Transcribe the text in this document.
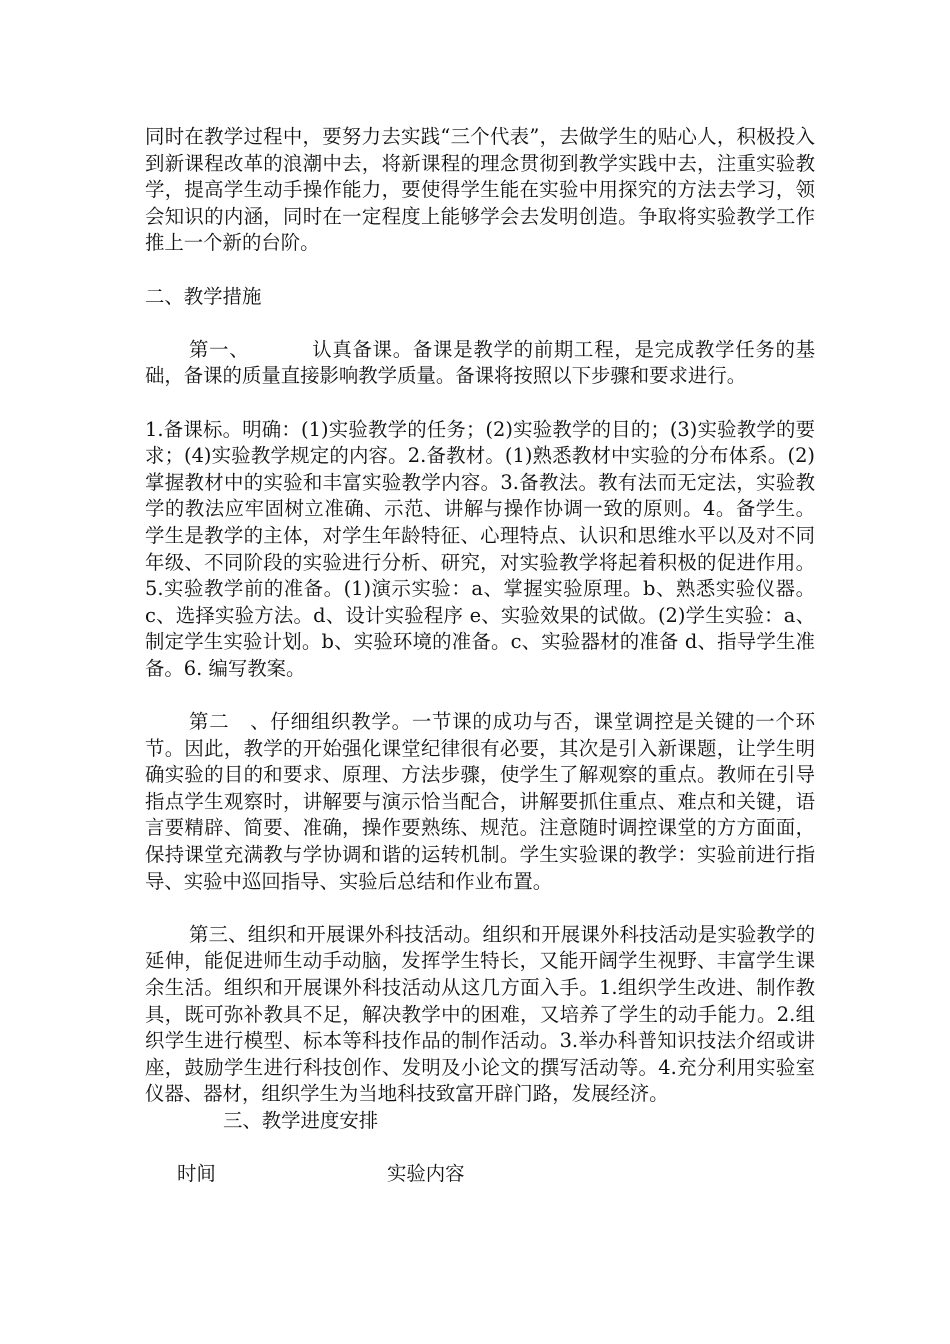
同时在教学过程中，要努力去实践“三个代表”，去做学生的贴心人，积极投入到新课程改革的浪潮中去，将新课程的理念贯彻到教学实践中去，注重实验教学，提高学生动手操作能力，要使得学生能在实验中用探究的方法去学习，领会知识的内涵，同时在一定程度上能够学会去发明创造。争取将实验教学工作推上一个新的台阶。

二、教学措施

第一、	认真备课。备课是教学的前期工程，是完成教学任务的基础，备课的质量直接影响教学质量。备课将按照以下步骤和要求进行。

1.备课标。明确：(1)实验教学的任务；(2)实验教学的目的；(3)实验教学的要求；(4)实验教学规定的内容。2.备教材。(1)熟悉教材中实验的分布体系。(2)掌握教材中的实验和丰富实验教学内容。3.备教法。教有法而无定法，实验教学的教法应牢固树立准确、示范、讲解与操作协调一致的原则。4。备学生。学生是教学的主体，对学生年龄特征、心理特点、认识和思维水平以及对不同年级、不同阶段的实验进行分析、研究，对实验教学将起着积极的促进作用。5.实验教学前的准备。(1)演示实验：a、掌握实验原理。b、熟悉实验仪器。c、选择实验方法。d、设计实验程序 e、实验效果的试做。(2)学生实验：a、制定学生实验计划。b、实验环境的准备。c、实验器材的准备 d、指导学生准备。6. 编写教案。

第二 、仔细组织教学。一节课的成功与否，课堂调控是关键的一个环节。因此，教学的开始强化课堂纪律很有必要，其次是引入新课题，让学生明确实验的目的和要求、原理、方法步骤，使学生了解观察的重点。教师在引导指点学生观察时，讲解要与演示恰当配合，讲解要抓住重点、难点和关键，语言要精辟、简要、准确，操作要熟练、规范。注意随时调控课堂的方方面面，保持课堂充满教与学协调和谐的运转机制。学生实验课的教学：实验前进行指导、实验中巡回指导、实验后总结和作业布置。

第三、组织和开展课外科技活动。组织和开展课外科技活动是实验教学的延伸，能促进师生动手动脑，发挥学生特长，又能开阔学生视野、丰富学生课余生活。组织和开展课外科技活动从这几方面入手。1.组织学生改进、制作教具，既可弥补教具不足，解决教学中的困难，又培养了学生的动手能力。2.组织学生进行模型、标本等科技作品的制作活动。3.举办科普知识技法介绍或讲座，鼓励学生进行科技创作、发明及小论文的撰写活动等。4.充分利用实验室仪器、器材，组织学生为当地科技致富开辟门路，发展经济。

三、教学进度安排

时间	实验内容
